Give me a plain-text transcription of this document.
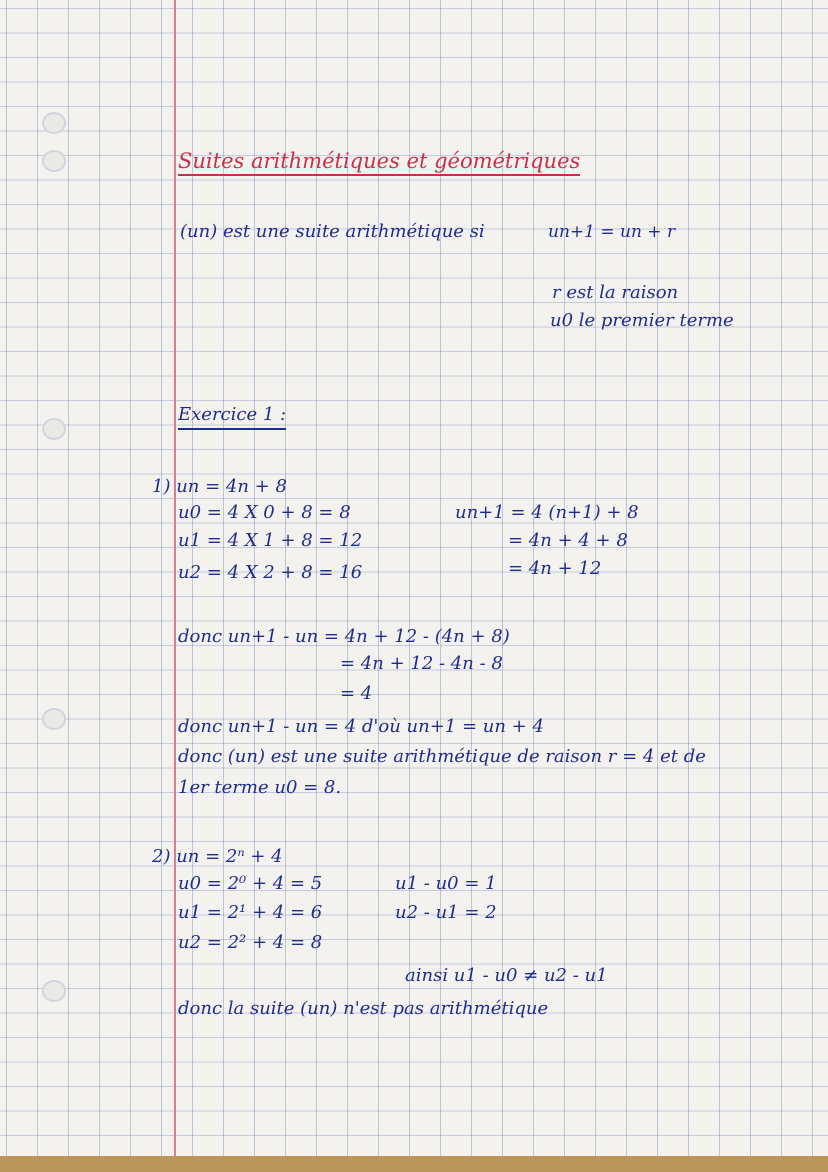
Suites arithmétiques et géométriques
(un) est une suite arithmétique si	un+1 = un + r
r est la raison
u0 le premier terme
Exercice 1 :
1) un = 4n + 8
u0 = 4 X 0 + 8 = 8
u1 = 4 X 1 + 8 = 12
u2 = 4 X 2 + 8 = 16
un+1 = 4 (n+1) + 8
= 4n + 4 + 8
= 4n + 12
donc un+1 - un = 4n + 12 - (4n + 8)
= 4n + 12 - 4n - 8
= 4
donc un+1 - un = 4 d'où un+1 = un + 4
donc (un) est une suite arithmétique de raison r = 4 et de
1er terme u0 = 8.
2) un = 2ⁿ + 4
u0 = 2⁰ + 4 = 5
u1 = 2¹ + 4 = 6
u2 = 2² + 4 = 8
u1 - u0 = 1
u2 - u1 = 2
ainsi u1 - u0 ≠ u2 - u1
donc la suite (un) n'est pas arithmétique
